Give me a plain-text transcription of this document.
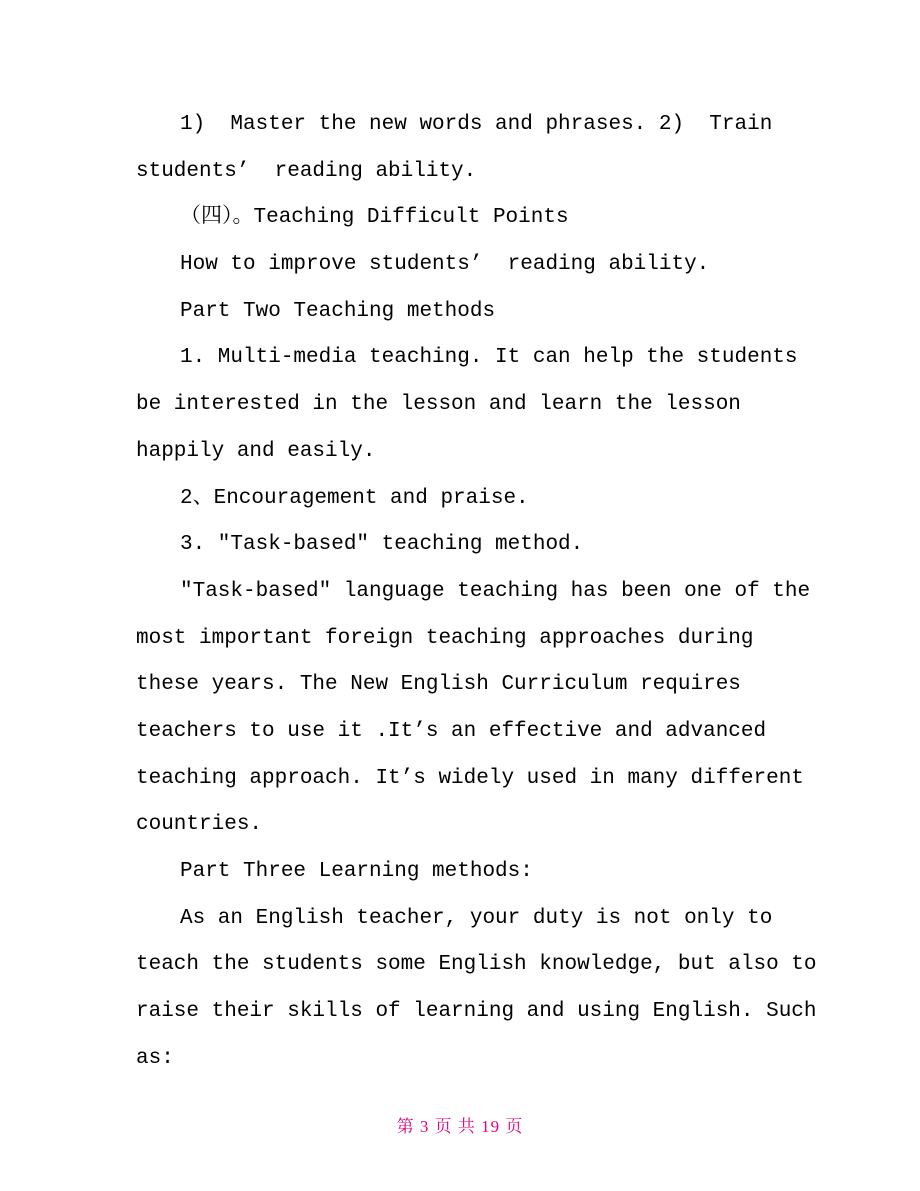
1)  Master the new words and phrases. 2)  Train
students’  reading ability.
（四）。Teaching Difficult Points
How to improve students’  reading ability.
Part Two Teaching methods
1. Multi-media teaching. It can help the students
be interested in the lesson and learn the lesson
happily and easily.
2、Encouragement and praise.
3. "Task-based" teaching method.
"Task-based" language teaching has been one of the
most important foreign teaching approaches during
these years. The New English Curriculum requires
teachers to use it .It’s an effective and advanced
teaching approach. It’s widely used in many different
countries.
Part Three Learning methods:
As an English teacher, your duty is not only to
teach the students some English knowledge, but also to
raise their skills of learning and using English. Such
as:
第 3 页 共 19 页
